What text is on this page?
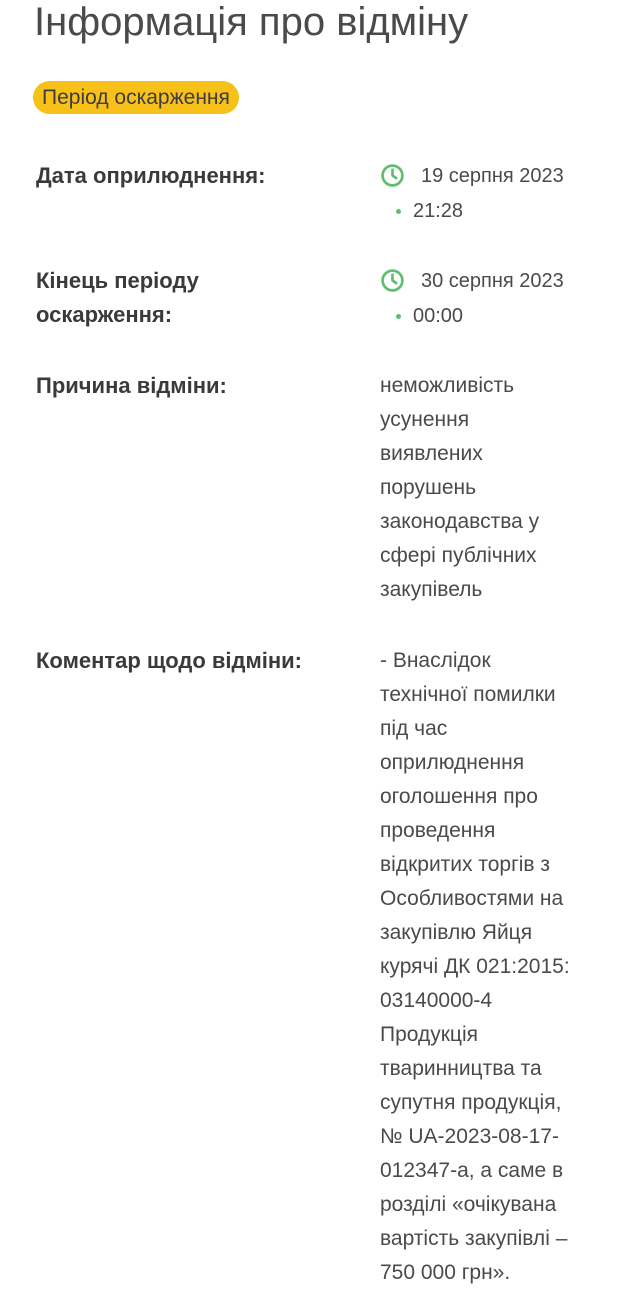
Інформація про відміну
Період оскарження

Дата оприлюднення:	19 серпня 2023
21:28
Кінець періоду
оскарження:
30 серпня 2023
00:00

Причина відміни:	неможливість
усунення
виявлених
порушень
законодавства у
сфері публічних
закупівель

Коментар щодо відміни:	- Внаслідок
технічної помилки
під час
оприлюднення
оголошення про
проведення
відкритих торгів з
Особливостями на
закупівлю Яйця
курячі ДК 021:2015:
03140000-4
Продукція
тваринництва та
супутня продукція,
№ UA-2023-08-17-
012347-a, а саме в
розділі «очікувана
вартість закупівлі –
750 000 грн».
